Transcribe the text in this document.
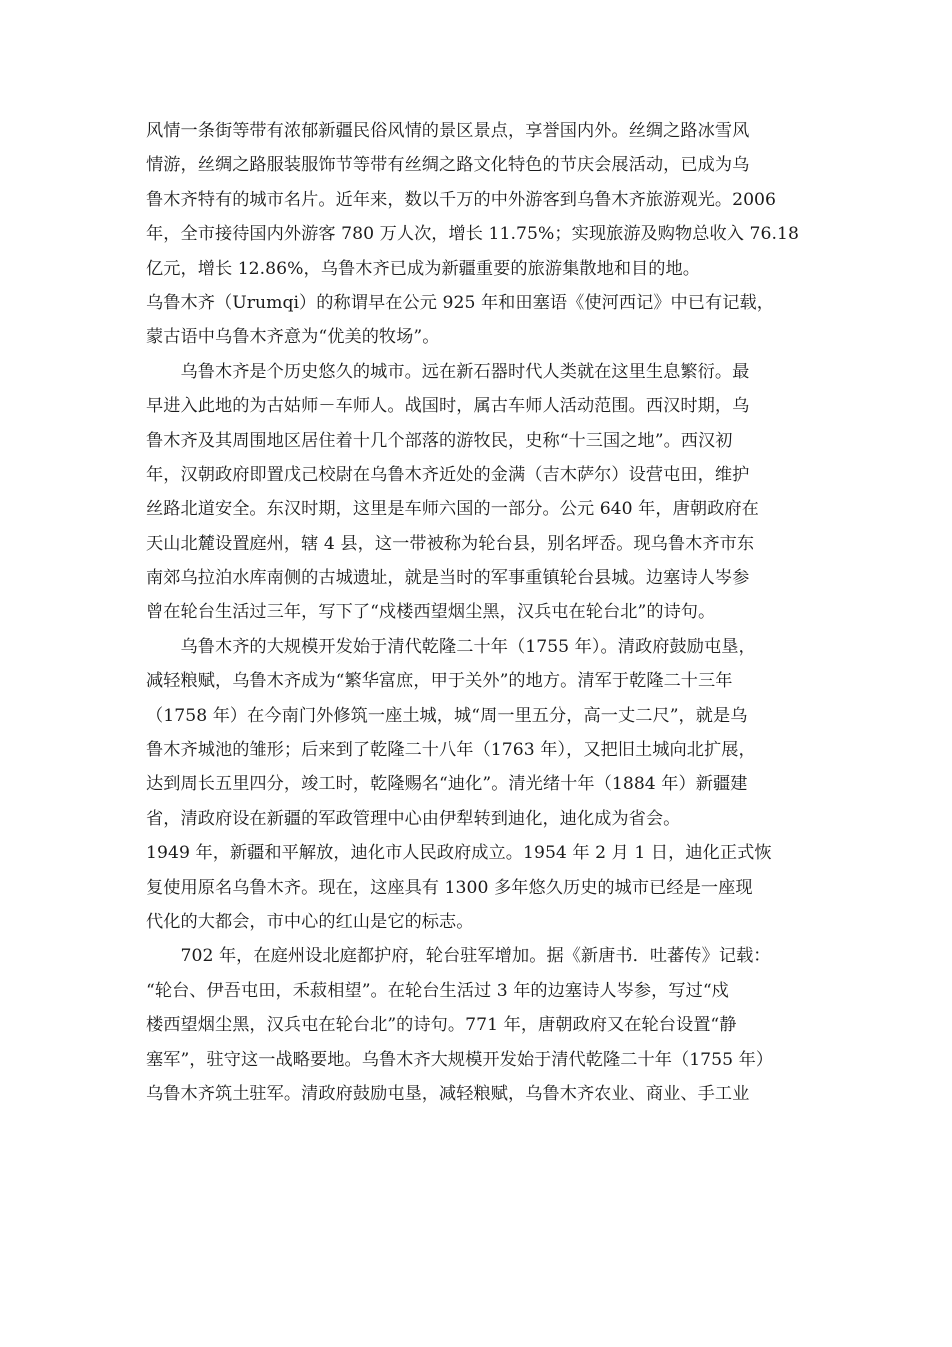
风情一条街等带有浓郁新疆民俗风情的景区景点，享誉国内外。丝绸之路冰雪风
情游，丝绸之路服装服饰节等带有丝绸之路文化特色的节庆会展活动，已成为乌
鲁木齐特有的城市名片。近年来，数以千万的中外游客到乌鲁木齐旅游观光。2006
年，全市接待国内外游客 780 万人次，增长 11.75%；实现旅游及购物总收入 76.18
亿元，增长 12.86%，乌鲁木齐已成为新疆重要的旅游集散地和目的地。
乌鲁木齐（Urumqi）的称谓早在公元 925 年和田塞语《使河西记》中已有记载，
蒙古语中乌鲁木齐意为“优美的牧场”。
　　乌鲁木齐是个历史悠久的城市。远在新石器时代人类就在这里生息繁衍。最
早进入此地的为古姑师－车师人。战国时，属古车师人活动范围。西汉时期，乌
鲁木齐及其周围地区居住着十几个部落的游牧民，史称“十三国之地”。西汉初
年，汉朝政府即置戊己校尉在乌鲁木齐近处的金满（吉木萨尔）设营屯田，维护
丝路北道安全。东汉时期，这里是车师六国的一部分。公元 640 年，唐朝政府在
天山北麓设置庭州，辖 4 县，这一带被称为轮台县，别名坪岙。现乌鲁木齐市东
南郊乌拉泊水库南侧的古城遗址，就是当时的军事重镇轮台县城。边塞诗人岑参
曾在轮台生活过三年，写下了“戍楼西望烟尘黑，汉兵屯在轮台北”的诗句。
　　乌鲁木齐的大规模开发始于清代乾隆二十年（1755 年）。清政府鼓励屯垦，
减轻粮赋，乌鲁木齐成为“繁华富庶，甲于关外”的地方。清军于乾隆二十三年
（1758 年）在今南门外修筑一座土城，城“周一里五分，高一丈二尺”，就是乌
鲁木齐城池的雏形；后来到了乾隆二十八年（1763 年），又把旧土城向北扩展，
达到周长五里四分，竣工时，乾隆赐名“迪化”。清光绪十年（1884 年）新疆建
省，清政府设在新疆的军政管理中心由伊犁转到迪化，迪化成为省会。
1949 年，新疆和平解放，迪化市人民政府成立。1954 年 2 月 1 日，迪化正式恢
复使用原名乌鲁木齐。现在，这座具有 1300 多年悠久历史的城市已经是一座现
代化的大都会，市中心的红山是它的标志。
　　702 年，在庭州设北庭都护府，轮台驻军增加。据《新唐书．吐蕃传》记载：
“轮台、伊吾屯田，禾菽相望”。在轮台生活过 3 年的边塞诗人岑参，写过“戍
楼西望烟尘黑，汉兵屯在轮台北”的诗句。771 年，唐朝政府又在轮台设置“静
塞军”，驻守这一战略要地。乌鲁木齐大规模开发始于清代乾隆二十年（1755 年）
乌鲁木齐筑土驻军。清政府鼓励屯垦，减轻粮赋，乌鲁木齐农业、商业、手工业
